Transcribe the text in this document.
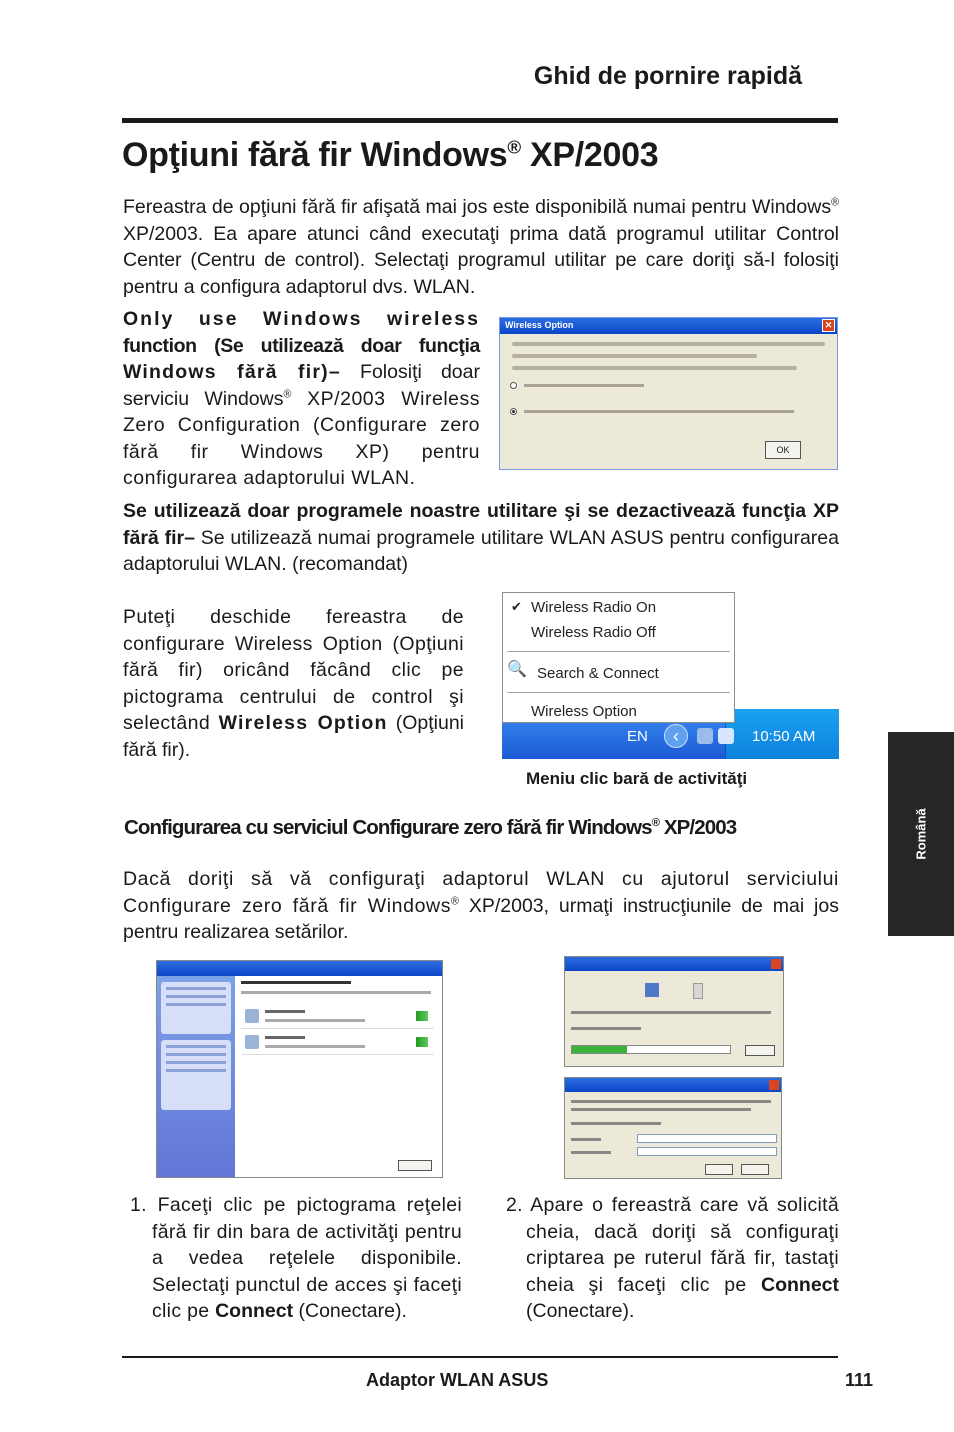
Ghid de pornire rapidă
Opţiuni fără fir Windows® XP/2003
Fereastra de opţiuni fără fir afişată mai jos este disponibilă numai pentru Windows® XP/2003. Ea apare atunci când executaţi prima dată programul utilitar Control Center (Centru de control). Selectaţi programul utilitar pe care doriţi să-l folosiţi pentru a configura adaptorul dvs. WLAN.
Only use Windows wireless function (Se utilizează doar funcţia Windows fără fir)– Folosiţi doar serviciu Windows® XP/2003 Wireless Zero Configuration (Configurare zero fără fir Windows XP) pentru configurarea adaptorului WLAN.
Wireless Option	✕
OK
Se utilizează doar programele noastre utilitare şi se dezactivează funcţia XP fără fir– Se utilizează numai programele utilitare WLAN ASUS pentru configurarea adaptorului WLAN. (recomandat)
Puteţi deschide fereastra de configurare Wireless Option (Opţiuni fără fir) oricând făcând clic pe pictograma centrului de control şi selectând Wireless Option (Opţiuni fără fir).
EN	‹	10:50 AM
✔ Wireless Radio On
Wireless Radio Off
🔍 Search & Connect
Wireless Option
Meniu clic bară de activităţi
Configurarea cu serviciul Configurare zero fără fir Windows® XP/2003
Dacă doriţi să vă configuraţi adaptorul WLAN cu ajutorul serviciului Configurare zero fără fir Windows® XP/2003, urmaţi instrucţiunile de mai jos pentru realizarea setărilor.
Română
1. Faceţi clic pe pictograma reţelei fără fir din bara de activităţi pentru a vedea reţelele disponibile. Selectaţi punctul de acces şi faceţi clic pe Connect (Conectare).
2. Apare o fereastră care vă solicită cheia, dacă doriţi să configuraţi criptarea pe ruterul fără fir, tastaţi cheia şi faceţi clic pe Connect (Conectare).
Adaptor WLAN ASUS	111
